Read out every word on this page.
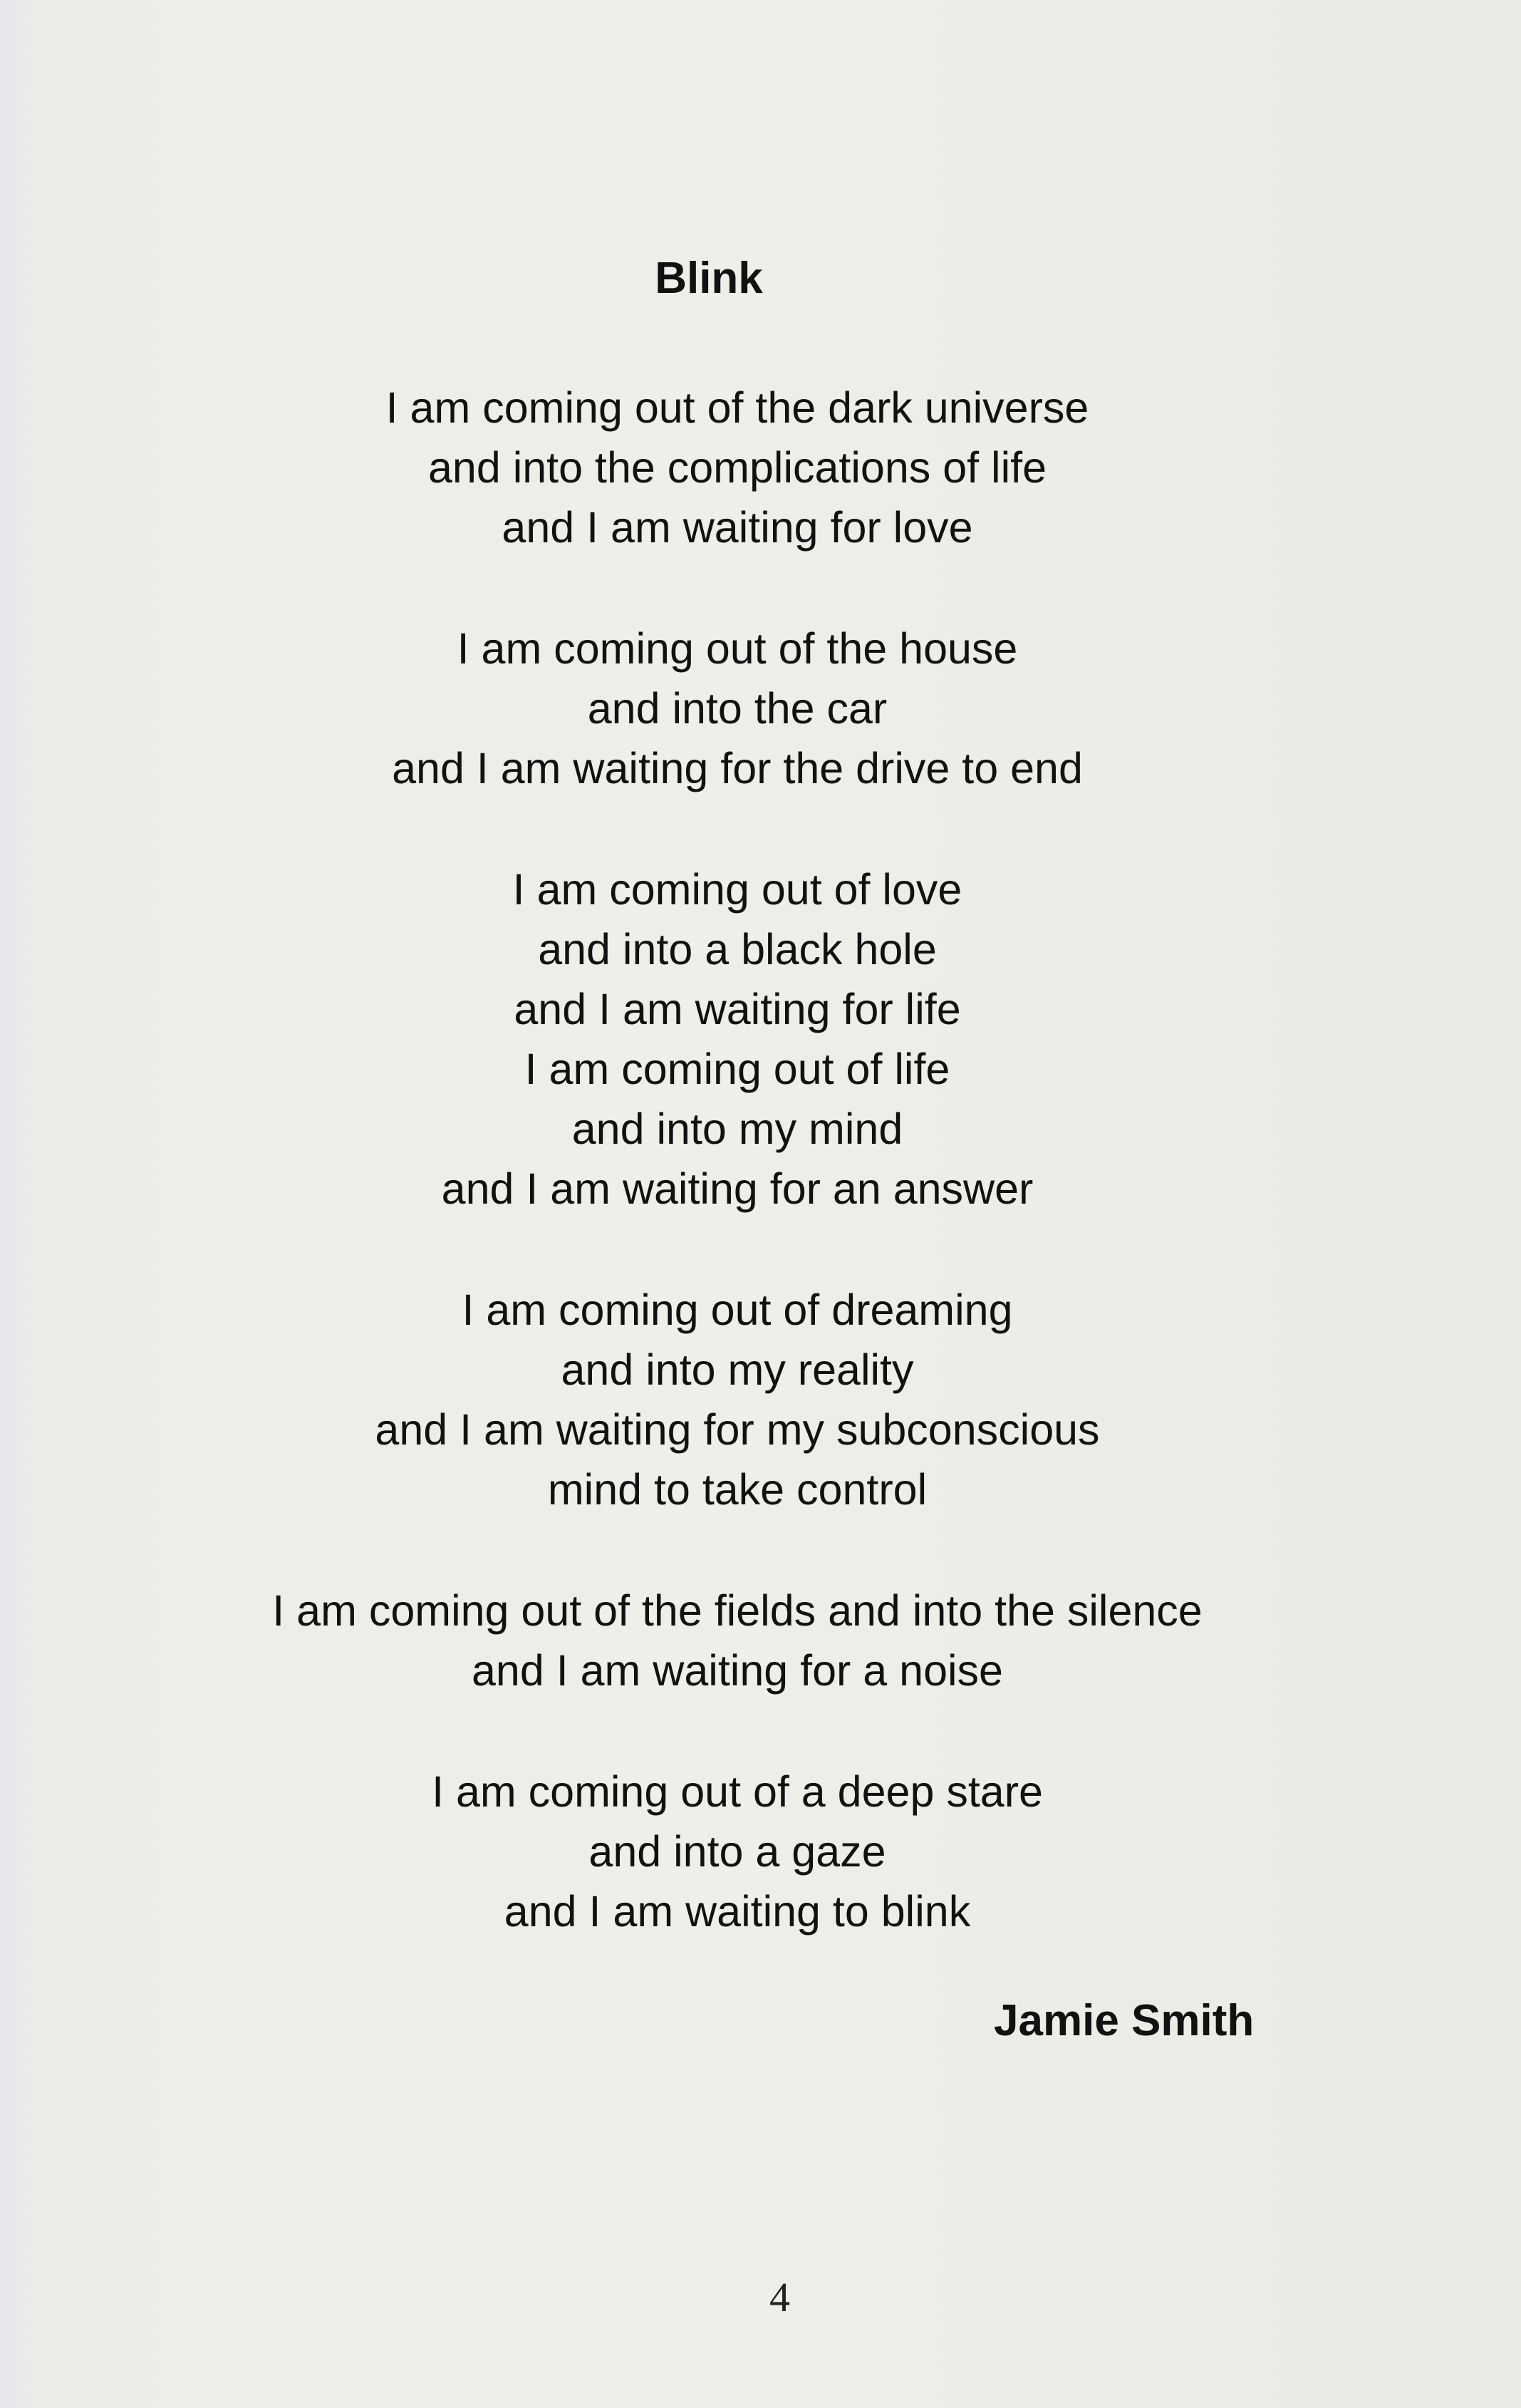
Blink
I am coming out of the dark universe
and into the complications of life
and I am waiting for love
I am coming out of the house
and into the car
and I am waiting for the drive to end
I am coming out of love
and into a black hole
and I am waiting for life
I am coming out of life
and into my mind
and I am waiting for an answer
I am coming out of dreaming
and into my reality
and I am waiting for my subconscious
mind to take control
I am coming out of the fields and into the silence
and I am waiting for a noise
I am coming out of a deep stare
and into a gaze
and I am waiting to blink
Jamie Smith
4
